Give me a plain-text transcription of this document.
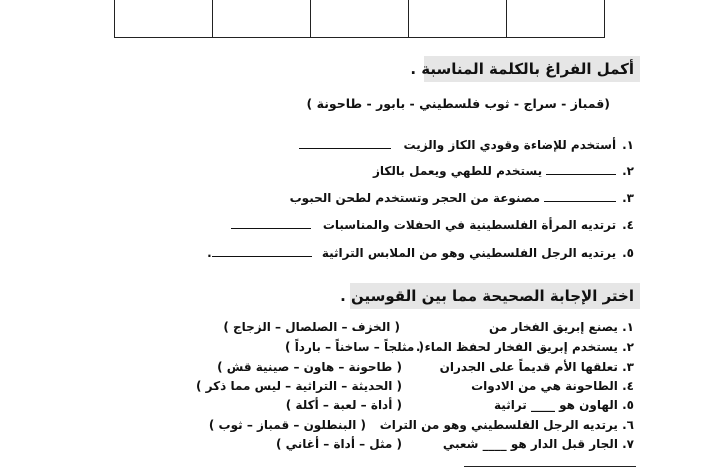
أكمل الفراغ بالكلمة المناسبة .
(قمباز - سراج - ثوب فلسطيني - بابور - طاحونة )
١.أستخدم للإضاءة وقودي الكاز والزيت
٢.يستخدم للطهي ويعمل بالكاز
٣.مصنوعة من الحجر وتستخدم لطحن الحبوب
٤.ترتديه المرأة الفلسطينية في الحفلات والمناسبات
٥.يرتديه الرجل الفلسطيني وهو من الملابس التراثية .
اختر الإجابة الصحيحة مما بين القوسين .
١. يصنع إبريق الفخار من
( الخزف – الصلصال – الزجاج )
٢. يستخدم إبريق الفخار لحفظ الماء .
( مثلجاً – ساخناً – بارداً )
٣. تعلقها الأم قديماً على الجدران
( طاحونة – هاون – صينية قش )
٤. الطاحونة هي من الادوات
( الحديثة – التراثية – ليس مما ذكر )
٥. الهاون هو ____ تراثية
( أداة – لعبة – أكلة )
٦. يرتديه الرجل الفلسطيني وهو من التراث
( البنطلون – قمباز – ثوب )
٧. الجار قبل الدار هو ____ شعبي
( مثل – أداة – أغاني )
